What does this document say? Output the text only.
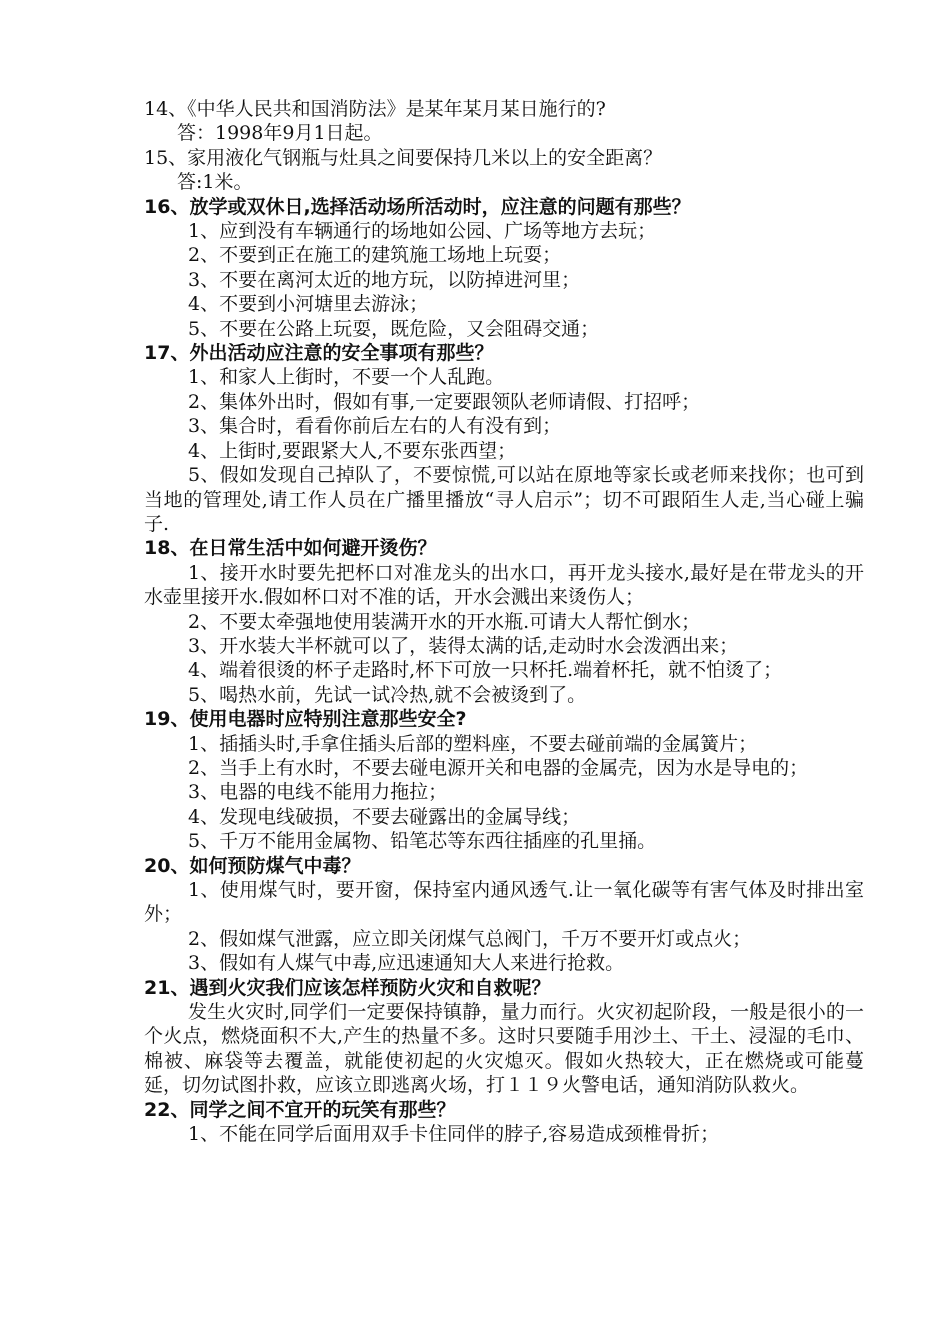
14、《中华人民共和国消防法》是某年某月某日施行的?

答：1998年9月1日起。

15、家用液化气钢瓶与灶具之间要保持几米以上的安全距离？

答:1米。

16、放学或双休日,选择活动场所活动时，应注意的问题有那些？

1、应到没有车辆通行的场地如公园、广场等地方去玩；

2、不要到正在施工的建筑施工场地上玩耍；

3、不要在离河太近的地方玩，以防掉进河里；

4、不要到小河塘里去游泳；

5、不要在公路上玩耍，既危险，又会阻碍交通；

17、外出活动应注意的安全事项有那些？

1、和家人上街时，不要一个人乱跑。

2、集体外出时，假如有事,一定要跟领队老师请假、打招呼；

3、集合时，看看你前后左右的人有没有到；

4、上街时,要跟紧大人,不要东张西望；

5、假如发现自己掉队了，不要惊慌,可以站在原地等家长或老师来找你；也可到当地的管理处,请工作人员在广播里播放“寻人启示”；切不可跟陌生人走,当心碰上骗子.

18、在日常生活中如何避开烫伤？

1、接开水时要先把杯口对准龙头的出水口，再开龙头接水,最好是在带龙头的开水壶里接开水.假如杯口对不准的话，开水会溅出来烫伤人；

2、不要太牵强地使用装满开水的开水瓶.可请大人帮忙倒水；

3、开水装大半杯就可以了，装得太满的话,走动时水会泼洒出来；

4、端着很烫的杯子走路时,杯下可放一只杯托.端着杯托，就不怕烫了；

5、喝热水前，先试一试冷热,就不会被烫到了。

19、使用电器时应特别注意那些安全?

1、插插头时,手拿住插头后部的塑料座，不要去碰前端的金属簧片；

2、当手上有水时，不要去碰电源开关和电器的金属壳，因为水是导电的；

3、电器的电线不能用力拖拉；

4、发现电线破损，不要去碰露出的金属导线；

5、千万不能用金属物、铅笔芯等东西往插座的孔里捅。

20、如何预防煤气中毒？

1、使用煤气时，要开窗，保持室内通风透气.让一氧化碳等有害气体及时排出室外；

2、假如煤气泄露，应立即关闭煤气总阀门，千万不要开灯或点火；

3、假如有人煤气中毒,应迅速通知大人来进行抢救。

21、遇到火灾我们应该怎样预防火灾和自救呢？

发生火灾时,同学们一定要保持镇静，量力而行。火灾初起阶段，一般是很小的一个火点，燃烧面积不大,产生的热量不多。这时只要随手用沙土、干土、浸湿的毛巾、棉被、麻袋等去覆盖，就能使初起的火灾熄灭。假如火热较大，正在燃烧或可能蔓延，切勿试图扑救，应该立即逃离火场，打１１９火警电话，通知消防队救火。

22、同学之间不宜开的玩笑有那些？

1、不能在同学后面用双手卡住同伴的脖子,容易造成颈椎骨折；
